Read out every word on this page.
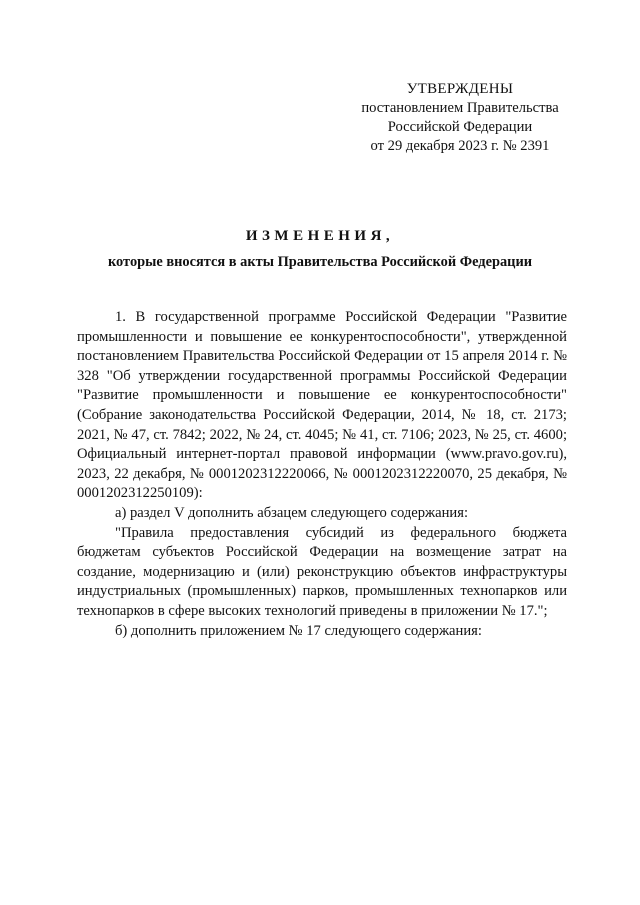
УТВЕРЖДЕНЫ
постановлением Правительства
Российской Федерации
от 29 декабря 2023 г. № 2391
ИЗМЕНЕНИЯ,
которые вносятся в акты Правительства Российской Федерации

1. В государственной программе Российской Федерации "Развитие промышленности и повышение ее конкурентоспособности", утвержденной постановлением Правительства Российской Федерации от 15 апреля 2014 г. № 328 "Об утверждении государственной программы Российской Федерации "Развитие промышленности и повышение ее конкурентоспособности" (Собрание законодательства Российской Федерации, 2014, № 18, ст. 2173; 2021, № 47, ст. 7842; 2022, № 24, ст. 4045; № 41, ст. 7106; 2023, № 25, ст. 4600; Официальный интернет-портал правовой информации (www.pravo.gov.ru), 2023, 22 декабря, № 0001202312220066, № 0001202312220070, 25 декабря, № 0001202312250109):

а) раздел V дополнить абзацем следующего содержания:

"Правила предоставления субсидий из федерального бюджета бюджетам субъектов Российской Федерации на возмещение затрат на создание, модернизацию и (или) реконструкцию объектов инфраструктуры индустриальных (промышленных) парков, промышленных технопарков или технопарков в сфере высоких технологий приведены в приложении № 17.";

б) дополнить приложением № 17 следующего содержания:
